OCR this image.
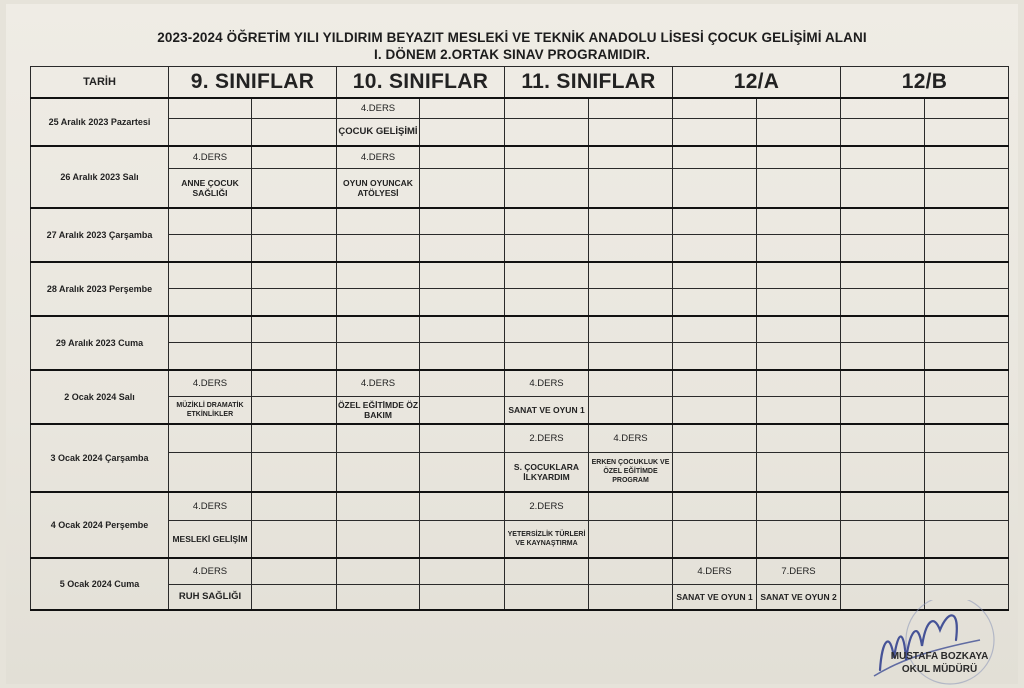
2023-2024 ÖĞRETİM YILI YILDIRIM BEYAZIT MESLEKİ VE TEKNİK ANADOLU LİSESİ ÇOCUK GELİŞİMİ ALANI
I. DÖNEM 2.ORTAK SINAV PROGRAMIDIR.
TARİH	9. SINIFLAR		10. SINIFLAR		11. SINIFLAR		12/A		12/B	
25 Aralık 2023 Pazartesi			4.DERS							
			ÇOCUK GELİŞİMİ							
26 Aralık 2023 Salı	4.DERS		4.DERS							
	ANNE ÇOCUK SAĞLIĞI		OYUN OYUNCAK ATÖLYESİ							
27 Aralık 2023 Çarşamba										

28 Aralık 2023 Perşembe										

29 Aralık 2023 Cuma										

2 Ocak 2024 Salı	4.DERS		4.DERS		4.DERS					
	MÜZİKLİ DRAMATİK ETKİNLİKLER		ÖZEL EĞİTİMDE ÖZ BAKIM		SANAT VE OYUN 1					
3 Ocak 2024 Çarşamba					2.DERS	4.DERS				
					S. ÇOCUKLARA İLKYARDIM	ERKEN ÇOCUKLUK VE ÖZEL EĞİTİMDE PROGRAM				
4 Ocak 2024 Perşembe	4.DERS				2.DERS					
	MESLEKİ GELİŞİM				YETERSİZLİK TÜRLERİ VE KAYNAŞTIRMA					
5 Ocak 2024 Cuma	4.DERS						4.DERS	7.DERS		
	RUH SAĞLIĞI						SANAT VE OYUN 1	SANAT VE OYUN 2		
MUSTAFA BOZKAYA
OKUL MÜDÜRÜ
